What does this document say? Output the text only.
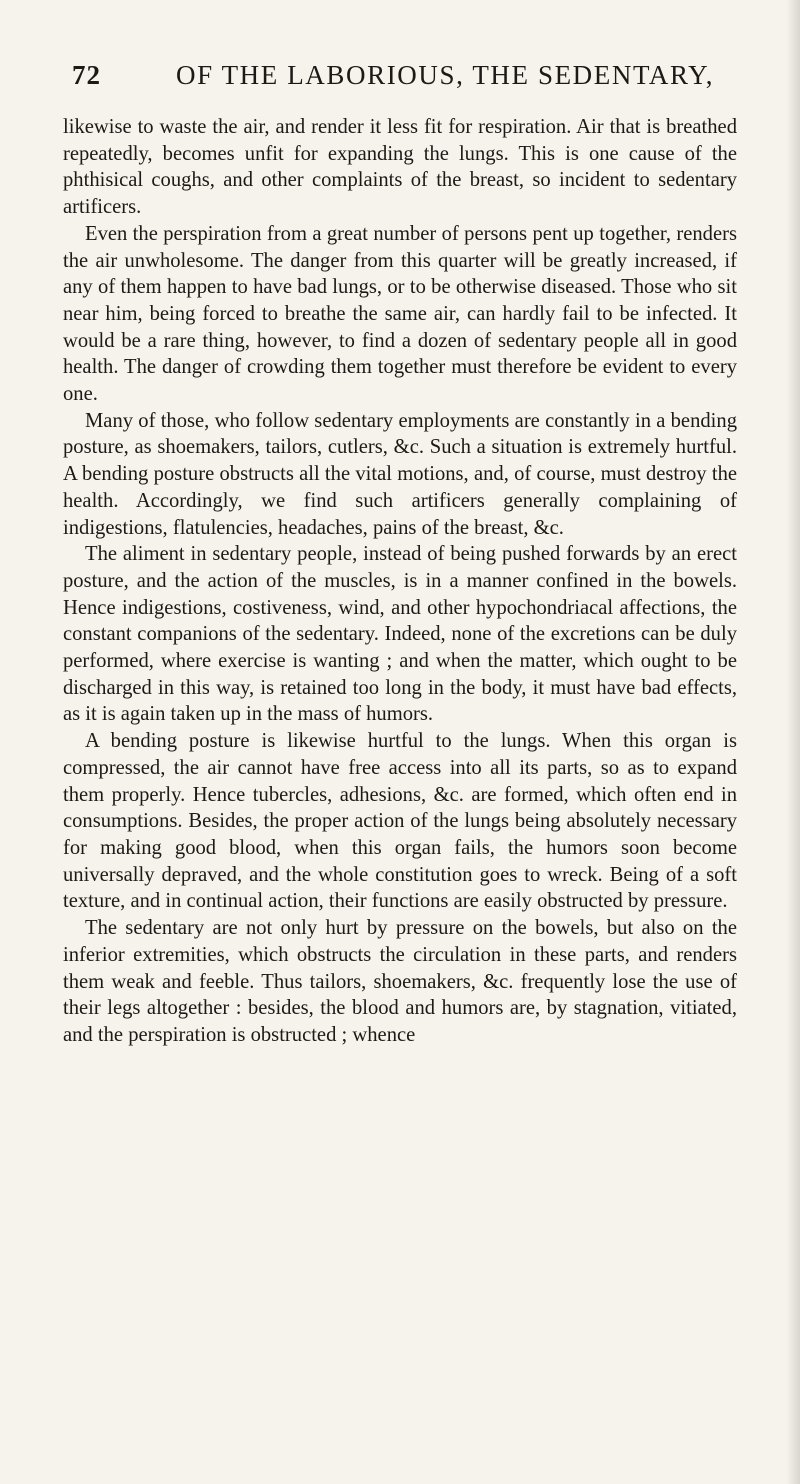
72	OF THE LABORIOUS, THE SEDENTARY,

likewise to waste the air, and render it less fit for respiration. Air that is breathed repeatedly, becomes unfit for expanding the lungs. This is one cause of the phthisical coughs, and other complaints of the breast, so incident to sedentary artificers.

Even the perspiration from a great number of persons pent up together, renders the air unwholesome. The danger from this quarter will be greatly increased, if any of them happen to have bad lungs, or to be otherwise diseased. Those who sit near him, being forced to breathe the same air, can hardly fail to be infected. It would be a rare thing, however, to find a dozen of sedentary people all in good health. The danger of crowding them together must therefore be evident to every one.

Many of those, who follow sedentary employments are constantly in a bending posture, as shoemakers, tailors, cutlers, &c. Such a situation is extremely hurtful. A bending posture obstructs all the vital motions, and, of course, must destroy the health. Accordingly, we find such artificers generally complaining of indigestions, flatulencies, headaches, pains of the breast, &c.

The aliment in sedentary people, instead of being pushed forwards by an erect posture, and the action of the muscles, is in a manner confined in the bowels. Hence indigestions, costiveness, wind, and other hypochondriacal affections, the constant companions of the sedentary. Indeed, none of the excretions can be duly performed, where exercise is wanting ; and when the matter, which ought to be discharged in this way, is retained too long in the body, it must have bad effects, as it is again taken up in the mass of humors.

A bending posture is likewise hurtful to the lungs. When this organ is compressed, the air cannot have free access into all its parts, so as to expand them properly. Hence tubercles, adhesions, &c. are formed, which often end in consumptions. Besides, the proper action of the lungs being absolutely necessary for making good blood, when this organ fails, the humors soon become universally depraved, and the whole constitution goes to wreck. Being of a soft texture, and in continual action, their functions are easily obstructed by pressure.

The sedentary are not only hurt by pressure on the bowels, but also on the inferior extremities, which obstructs the circulation in these parts, and renders them weak and feeble. Thus tailors, shoemakers, &c. frequently lose the use of their legs altogether : besides, the blood and humors are, by stagnation, vitiated, and the perspiration is obstructed ; whence
